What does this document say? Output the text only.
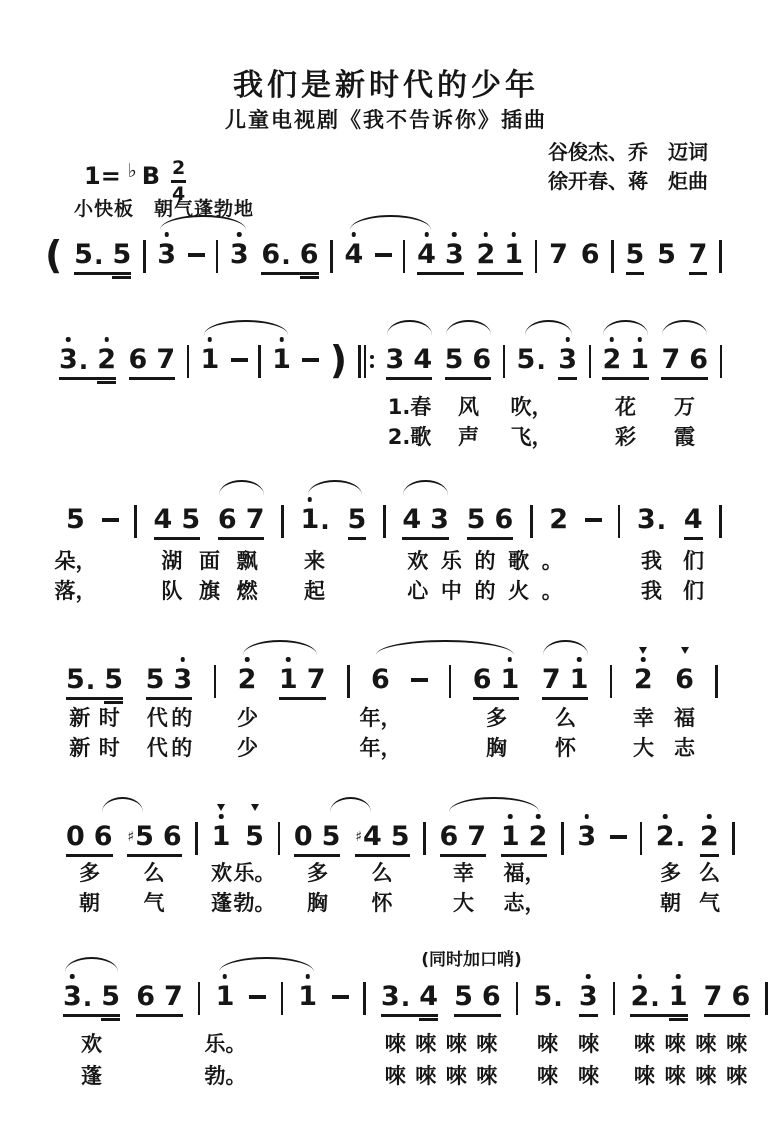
我们是新时代的少年
儿童电视剧《我不告诉你》插曲
1= ♭ B 2
4
谷俊杰、乔　迈词
徐开春、蒋　炬曲
小快板　朝气蓬勃地
( 5 . 5 3 3 6 . 6 4 4 3 2 1 7 6 5 5 7
3 . 2 6 7 1 1 ) 3 4 5 6 5 . 3 2 1 7 6
1.春 风 吹，	花 万
2.歌 声 飞，	彩 霞
5	4 5 6 7 1 . 5 4 3 5 6 2	3 . 4
朵，	湖 面 飘 来	欢 乐 的 歌 。	我 们
落，	队 旗 燃 起	心 中 的 火 。	我 们
5 . 5 5 3 2 1 7 6	6 1 7 1 2 6
新 时 代 的 少	年，	多 么	幸 福
新 时 代 的 少	年，	胸 怀	大 志
0 6 ♯ 5 6 1 5 0 5 ♯ 4 5 6 7 1 2 3 2 . 2
多 么 欢 乐。 多 么	幸 福，	多 么
朝 气 蓬 勃。 胸 怀	大 志，	朝 气
3 . 5 6 7 1 1 3 . 4 5 6 5 . 3 2 . 1 7 6
欢	乐。	唻 唻 唻 唻 唻 唻 唻 唻 唻 唻
蓬	勃。	唻 唻 唻 唻 唻 唻 唻 唻 唻 唻
(同时加口哨)
